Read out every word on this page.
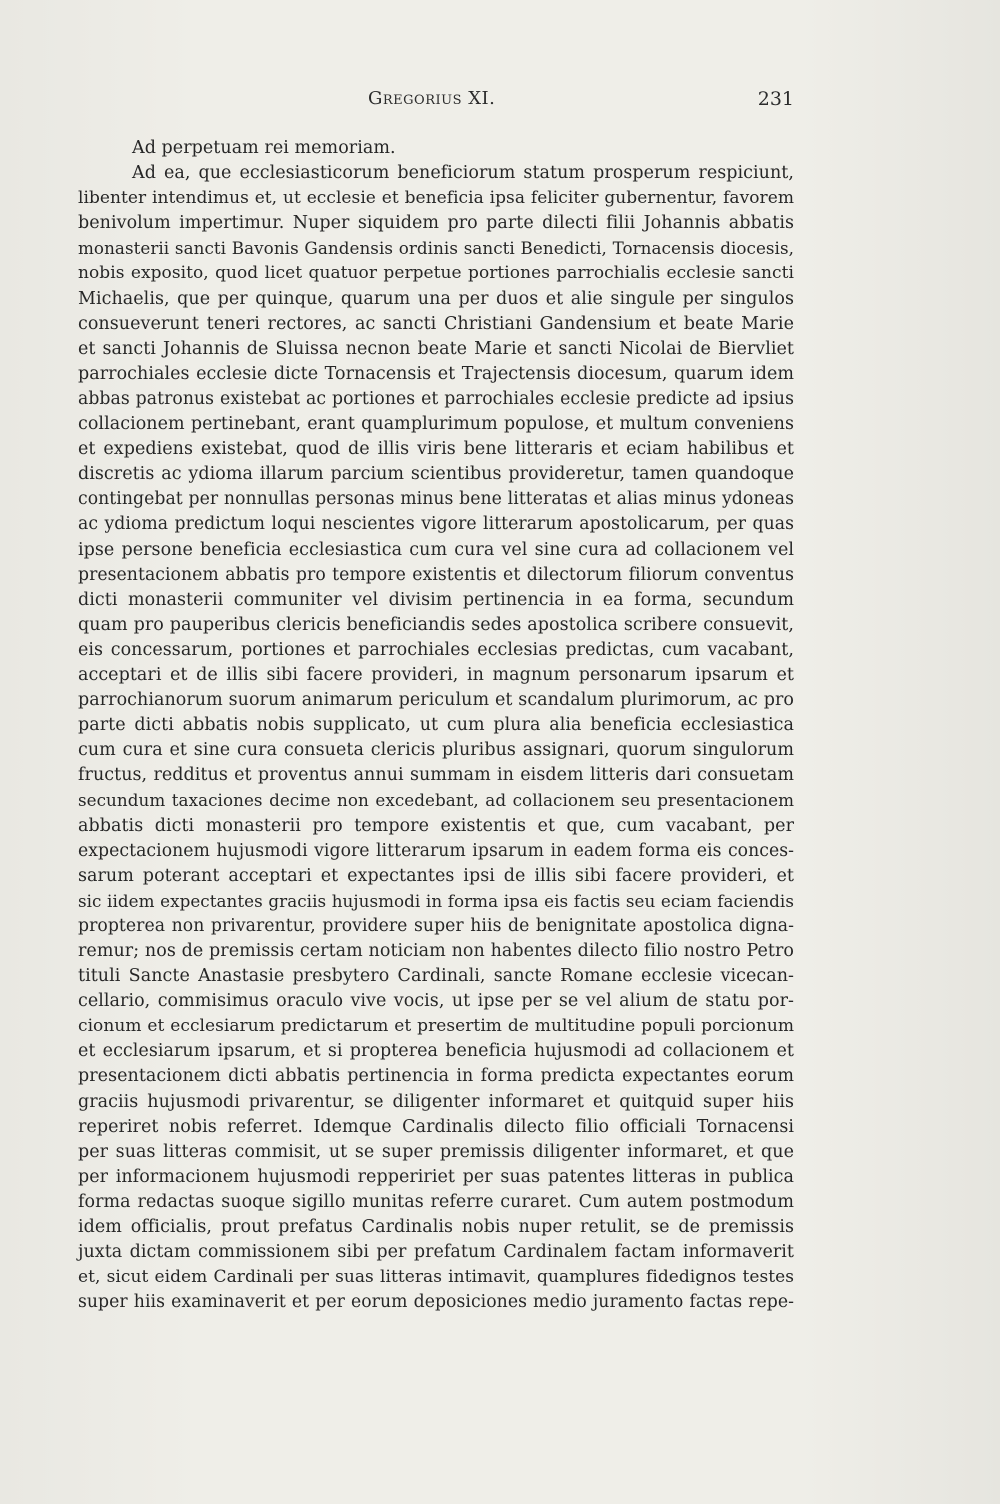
Gregorius XI.	231
Ad perpetuam rei memoriam.
Ad ea, que ecclesiasticorum beneficiorum statum prosperum respiciunt,
libenter intendimus et, ut ecclesie et beneficia ipsa feliciter gubernentur, favorem
benivolum impertimur. Nuper siquidem pro parte dilecti filii Johannis abbatis
monasterii sancti Bavonis Gandensis ordinis sancti Benedicti, Tornacensis diocesis,
nobis exposito, quod licet quatuor perpetue portiones parrochialis ecclesie sancti
Michaelis, que per quinque, quarum una per duos et alie singule per singulos
consueverunt teneri rectores, ac sancti Christiani Gandensium et beate Marie
et sancti Johannis de Sluissa necnon beate Marie et sancti Nicolai de Biervliet
parrochiales ecclesie dicte Tornacensis et Trajectensis diocesum, quarum idem
abbas patronus existebat ac portiones et parrochiales ecclesie predicte ad ipsius
collacionem pertinebant, erant quamplurimum populose, et multum conveniens
et expediens existebat, quod de illis viris bene litteraris et eciam habilibus et
discretis ac ydioma illarum parcium scientibus provideretur, tamen quandoque
contingebat per nonnullas personas minus bene litteratas et alias minus ydoneas
ac ydioma predictum loqui nescientes vigore litterarum apostolicarum, per quas
ipse persone beneficia ecclesiastica cum cura vel sine cura ad collacionem vel
presentacionem abbatis pro tempore existentis et dilectorum filiorum conventus
dicti monasterii communiter vel divisim pertinencia in ea forma, secundum
quam pro pauperibus clericis beneficiandis sedes apostolica scribere consuevit,
eis concessarum, portiones et parrochiales ecclesias predictas, cum vacabant,
acceptari et de illis sibi facere provideri, in magnum personarum ipsarum et
parrochianorum suorum animarum periculum et scandalum plurimorum, ac pro
parte dicti abbatis nobis supplicato, ut cum plura alia beneficia ecclesiastica
cum cura et sine cura consueta clericis pluribus assignari, quorum singulorum
fructus, redditus et proventus annui summam in eisdem litteris dari consuetam
secundum taxaciones decime non excedebant, ad collacionem seu presentacionem
abbatis dicti monasterii pro tempore existentis et que, cum vacabant, per
expectacionem hujusmodi vigore litterarum ipsarum in eadem forma eis conces-
sarum poterant acceptari et expectantes ipsi de illis sibi facere provideri, et
sic iidem expectantes graciis hujusmodi in forma ipsa eis factis seu eciam faciendis
propterea non privarentur, providere super hiis de benignitate apostolica digna-
remur; nos de premissis certam noticiam non habentes dilecto filio nostro Petro
tituli Sancte Anastasie presbytero Cardinali, sancte Romane ecclesie vicecan-
cellario, commisimus oraculo vive vocis, ut ipse per se vel alium de statu por-
cionum et ecclesiarum predictarum et presertim de multitudine populi porcionum
et ecclesiarum ipsarum, et si propterea beneficia hujusmodi ad collacionem et
presentacionem dicti abbatis pertinencia in forma predicta expectantes eorum
graciis hujusmodi privarentur, se diligenter informaret et quitquid super hiis
reperiret nobis referret. Idemque Cardinalis dilecto filio officiali Tornacensi
per suas litteras commisit, ut se super premissis diligenter informaret, et que
per informacionem hujusmodi reppeririet per suas patentes litteras in publica
forma redactas suoque sigillo munitas referre curaret. Cum autem postmodum
idem officialis, prout prefatus Cardinalis nobis nuper retulit, se de premissis
juxta dictam commissionem sibi per prefatum Cardinalem factam informaverit
et, sicut eidem Cardinali per suas litteras intimavit, quamplures fidedignos testes
super hiis examinaverit et per eorum deposiciones medio juramento factas repe-
